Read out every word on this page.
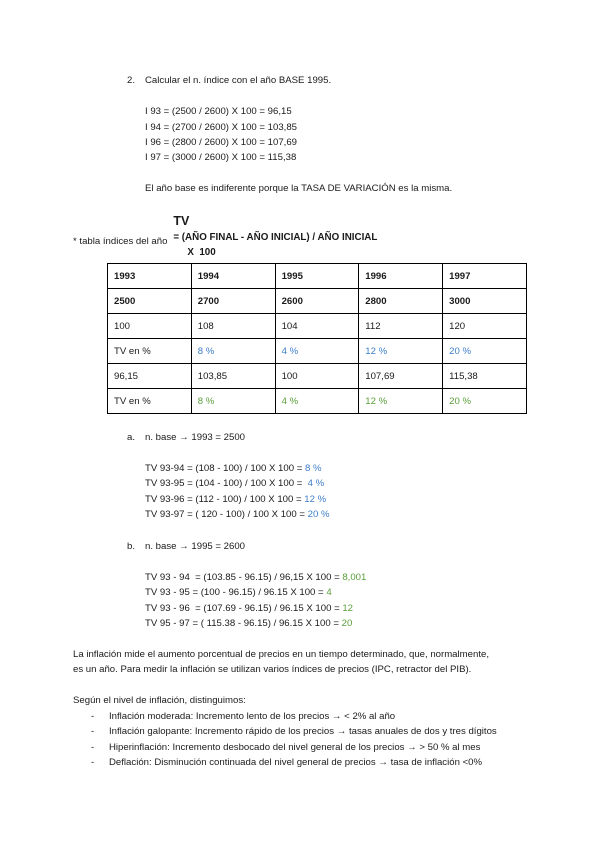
2. Calcular el n. índice con el año BASE 1995.
I 93 = (2500 / 2600) X 100 = 96,15
I 94 = (2700 / 2600) X 100 = 103,85
I 96 = (2800 / 2600) X 100 = 107,69
I 97 = (3000 / 2600) X 100 = 115,38
El año base es indiferente porque la TASA DE VARIACIÓN es la misma.

TV
= (AÑO FINAL - AÑO INICIAL) / AÑO INICIAL
X  100

* tabla índices del año
1993	1994	1995	1996	1997
2500	2700	2600	2800	3000
100	108	104	112	120
TV en %	8 %	4 %	12 %	20 %
96,15	103,85	100	107,69	115,38
TV en %	8 %	4 %	12 %	20 %
a. n. base → 1993 = 2500
TV 93-94 = (108 - 100) / 100 X 100 = 8 %
TV 93-95 = (104 - 100) / 100 X 100 =  4 %
TV 93-96 = (112 - 100) / 100 X 100 = 12 %
TV 93-97 = ( 120 - 100) / 100 X 100 = 20 %
b. n. base → 1995 = 2600
TV 93 - 94  = (103.85 - 96.15) / 96,15 X 100 = 8,001
TV 93 - 95 = (100 - 96.15) / 96.15 X 100 = 4
TV 93 - 96  = (107.69 - 96.15) / 96.15 X 100 = 12
TV 95 - 97 = ( 115.38 - 96.15) / 96.15 X 100 = 20
La inflación mide el aumento porcentual de precios en un tiempo determinado, que, normalmente,
es un año. Para medir la inflación se utilizan varios índices de precios (IPC, retractor del PIB).
Según el nivel de inflación, distinguimos:
- Inflación moderada: Incremento lento de los precios → < 2% al año
- Inflación galopante: Incremento rápido de los precios → tasas anuales de dos y tres dígitos
- Hiperinflación: Incremento desbocado del nivel general de los precios → > 50 % al mes
- Deflación: Disminución continuada del nivel general de precios → tasa de inflación <0%
